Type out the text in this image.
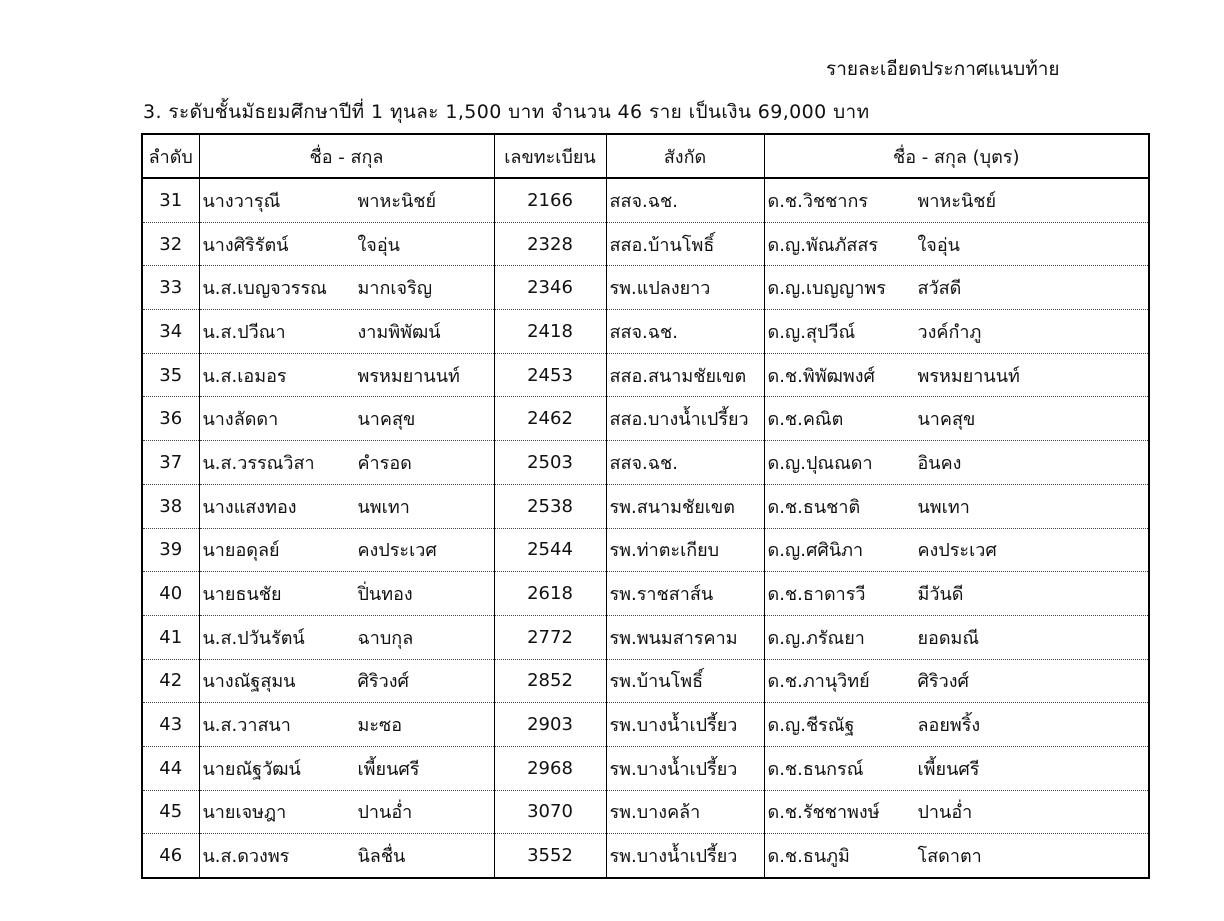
รายละเอียดประกาศแนบท้าย
3. ระดับชั้นมัธยมศึกษาปีที่ 1 ทุนละ 1,500 บาท จำนวน 46 ราย เป็นเงิน 69,000 บาท
ลำดับ	ชื่อ - สกุล	เลขทะเบียน	สังกัด	ชื่อ - สกุล (บุตร)
31	นางวารุณี พาหะนิชย์	2166	สสจ.ฉช.	ด.ช.วิชชากร พาหะนิชย์

32	นางศิริรัตน์ ใจอุ่น	2328	สสอ.บ้านโพธิ์	ด.ญ.พัณภัสสร ใจอุ่น

33	น.ส.เบญจวรรณ มากเจริญ	2346	รพ.แปลงยาว	ด.ญ.เบญญาพร สวัสดี

34	น.ส.ปวีณา งามพิพัฒน์	2418	สสจ.ฉช.	ด.ญ.สุปวีณ์ วงค์กำภู

35	น.ส.เอมอร พรหมยานนท์	2453	สสอ.สนามชัยเขต	ด.ช.พิพัฒพงศ์ พรหมยานนท์

36	นางลัดดา นาคสุข	2462	สสอ.บางน้ำเปรี้ยว	ด.ช.คณิต นาคสุข

37	น.ส.วรรณวิสา คำรอด	2503	สสจ.ฉช.	ด.ญ.ปุณณดา อินคง

38	นางแสงทอง นพเทา	2538	รพ.สนามชัยเขต	ด.ช.ธนชาติ นพเทา

39	นายอดุลย์ คงประเวศ	2544	รพ.ท่าตะเกียบ	ด.ญ.ศศินิภา คงประเวศ

40	นายธนชัย ปิ่นทอง	2618	รพ.ราชสาส์น	ด.ช.ธาดารวี มีวันดี

41	น.ส.ปวันรัตน์ ฉาบกุล	2772	รพ.พนมสารคาม	ด.ญ.ภรัณยา ยอดมณี

42	นางณัฐสุมน ศิริวงศ์	2852	รพ.บ้านโพธิ์	ด.ช.ภานุวิทย์ ศิริวงศ์

43	น.ส.วาสนา มะซอ	2903	รพ.บางน้ำเปรี้ยว	ด.ญ.ชีรณัฐ ลอยพริ้ง

44	นายณัฐวัฒน์ เพี้ยนศรี	2968	รพ.บางน้ำเปรี้ยว	ด.ช.ธนกรณ์ เพี้ยนศรี

45	นายเจษฎา ปานอ่ำ	3070	รพ.บางคล้า	ด.ช.รัชชาพงษ์ ปานอ่ำ

46	น.ส.ดวงพร นิลชื่น	3552	รพ.บางน้ำเปรี้ยว	ด.ช.ธนภูมิ โสดาตา
